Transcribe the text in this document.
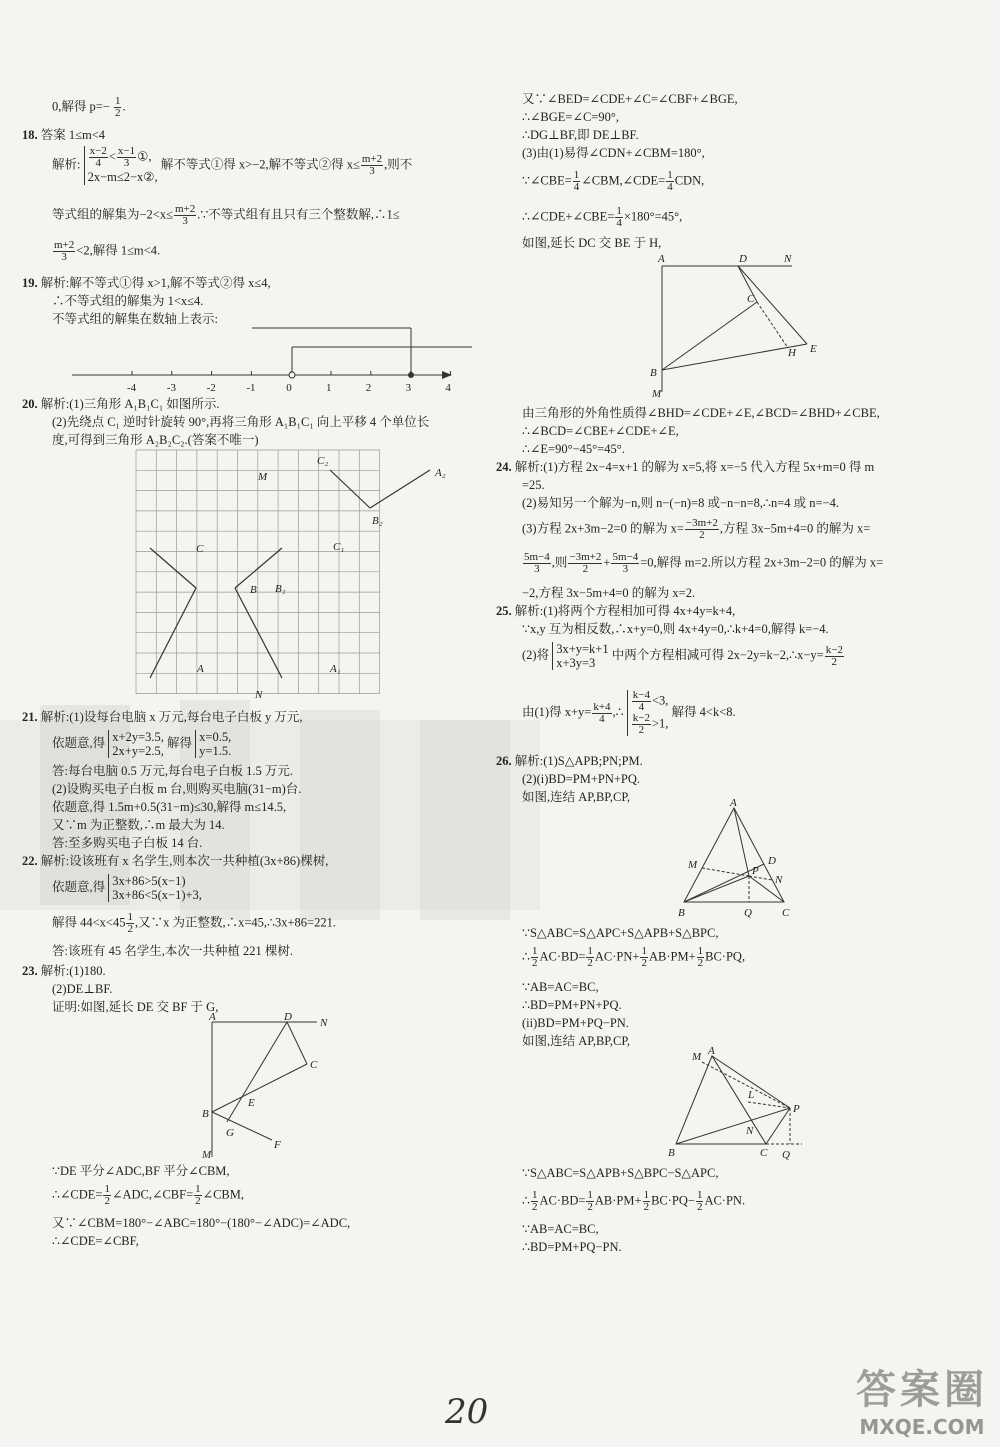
0,解得 $p=- \frac{1}{2}$ .
18. 答案 1≤m<4
解析: $\frac{x-2}{4} < \frac{x-1}{3}$ ①,
2x−m≤2−x②, 解不等式①得 x>−2,解不等式②得 $x\le \frac{m+2}{3}$ ,则不
等式组的解集为$-2<x\le \frac{m+2}{3}$ .∵不等式组有且只有三个整数解,∴1≤
$\frac{m+2}{3} <2$,解得 1≤m<4.
19. 解析:解不等式①得 x>1,解不等式②得 x≤4,
∴不等式组的解集为 1<x≤4.
不等式组的解集在数轴上表示:
-4	-3	-2	-1	0	1	2	3	4
20. 解析:(1)三角形 A₁B₁C₁ 如图所示.
(2)先绕点 C₁ 逆时针旋转 90°,再将三角形 A₁B₁C₁ 向上平移 4 个单位长
度,可得到三角形 A₂B₂C₂.(答案不唯一)
M
N
C₂
A₂
B₂
C
B
A
B₁
C₁
A₁
21. 解析:(1)设每台电脑 x 万元,每台电子白板 y 万元,
依题意,得 x+2y=3.5,
2x+y=2.5, 解得 x=0.5,
y=1.5.
答:每台电脑 0.5 万元,每台电子白板 1.5 万元.
(2)设购买电子白板 m 台,则购买电脑(31−m)台.
依题意,得 1.5m+0.5(31−m)≤30,解得 m≤14.5,
又∵m 为正整数,∴m 最大为 14.
答:至多购买电子白板 14 台.
22. 解析:设该班有 x 名学生,则本次一共种植(3x+86)棵树,
依题意,得 3x+86>5(x−1)
3x+86<5(x−1)+3,
解得 $44<x<45 \frac{1}{2}$ ,又∵x 为正整数,∴x=45,∴3x+86=221.
答:该班有 45 名学生,本次一共种植 221 棵树.
23. 解析:(1)180.
(2)DE⊥BF.
证明:如图,延长 DE 交 BF 于 G,
A	D	N
C
B
E
G
F
M
∵DE 平分∠ADC,BF 平分∠CBM,
∴∠CDE= $\frac{1}{2}$ ∠ADC,∠CBF= $\frac{1}{2}$ ∠CBM,
又∵∠CBM=180°−∠ABC=180°−(180°−∠ADC)=∠ADC,
∴∠CDE=∠CBF,
又∵∠BED=∠CDE+∠C=∠CBF+∠BGE,
∴∠BGE=∠C=90°,
∴DG⊥BF,即 DE⊥BF.
(3)由(1)易得∠CDN+∠CBM=180°,
∵∠CBE= $\frac{1}{4}$ ∠CBM,∠CDE= $\frac{1}{4}$ CDN,
∴∠CDE+∠CBE= $\frac{1}{4} \times 180^\circ=45^\circ$,
如图,延长 DC 交 BE 于 H,
A	D	N
C
B
H E
M
由三角形的外角性质得∠BHD=∠CDE+∠E,∠BCD=∠BHD+∠CBE,
∴∠BCD=∠CBE+∠CDE+∠E,
∴∠E=90°−45°=45°.
24. 解析:(1)方程 2x−4=x+1 的解为 x=5,将 x=−5 代入方程 5x+m=0 得 m
=25.
(2)易知另一个解为−n,则 n−(−n)=8 或−n−n=8,∴n=4 或 n=−4.
(3)方程 2x+3m−2=0 的解为 $x= \frac{-3m+2}{2}$ ,方程 3x−5m+4=0 的解为 x=
$\frac{5m-4}{3}$ ,则 $\frac{-3m+2}{2} + \frac{5m-4}{3} =0$,解得 m=2.所以方程 2x+3m−2=0 的解为 x=
−2,方程 3x−5m+4=0 的解为 x=2.
25. 解析:(1)将两个方程相加可得 4x+4y=k+4,
∵x,y 互为相反数,∴x+y=0,则 4x+4y=0,∴k+4=0,解得 k=−4.
(2)将 3x+y=k+1
x+3y=3 中两个方程相减可得 2x−2y=k−2,∴x−y= $\frac{k-2}{2}$
由(1)得 $x+y= \frac{k+4}{4}$ ,∴ $\frac{k-4}{4} <3$,

$\frac{k-2}{2} >1$, 解得 4<k<8.
26. 解析:(1)S△APB;PN;PM.
(2)(i)BD=PM+PN+PQ.
如图,连结 AP,BP,CP,	A
M	D
N
P
B	Q	C
∵S△ABC=S△APC+S△APB+S△BPC,
∴ $\frac{1}{2} AC\cdot BD= \frac{1}{2} AC\cdot PN+ \frac{1}{2} AB\cdot PM+ \frac{1}{2} BC\cdot PQ$,
∵AB=AC=BC,
∴BD=PM+PN+PQ.
(ii)BD=PM+PQ−PN.
如图,连结 AP,BP,CP,
M A
L
P
N
B	C Q
∵S△ABC=S△APB+S△BPC−S△APC,
∴ $\frac{1}{2} AC\cdot BD= \frac{1}{2} AB\cdot PM+ \frac{1}{2} BC\cdot PQ- \frac{1}{2} AC\cdot PN$.
∵AB=AC=BC,
∴BD=PM+PQ−PN.
20	答案圈
MXQE.COM
